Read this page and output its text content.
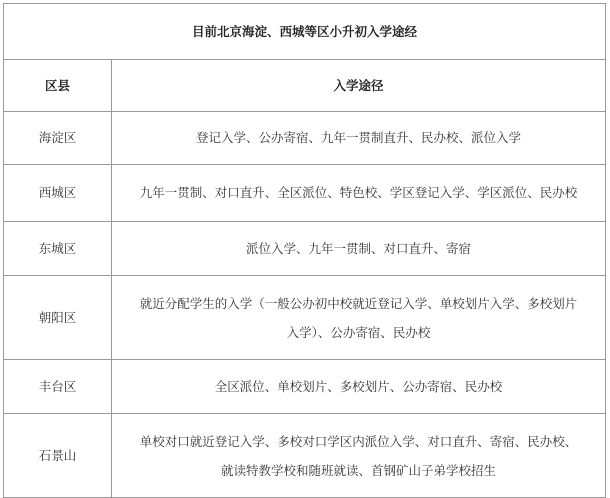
目前北京海淀、西城等区小升初入学途经	
区县	入学途径
海淀区	登记入学、公办寄宿、九年一贯制直升、民办校、派位入学

西城区	九年一贯制、对口直升、全区派位、特色校、学区登记入学、学区派位、民办校

东城区	派位入学、九年一贯制、对口直升、寄宿

朝阳区	就近分配学生的入学（一般公办初中校就近登记入学、单校划片入学、多校划片
入学）、公办寄宿、民办校

丰台区	全区派位、单校划片、多校划片、公办寄宿、民办校

石景山	单校对口就近登记入学、多校对口学区内派位入学、对口直升、寄宿、民办校、
就读特教学校和随班就读、首钢矿山子弟学校招生
